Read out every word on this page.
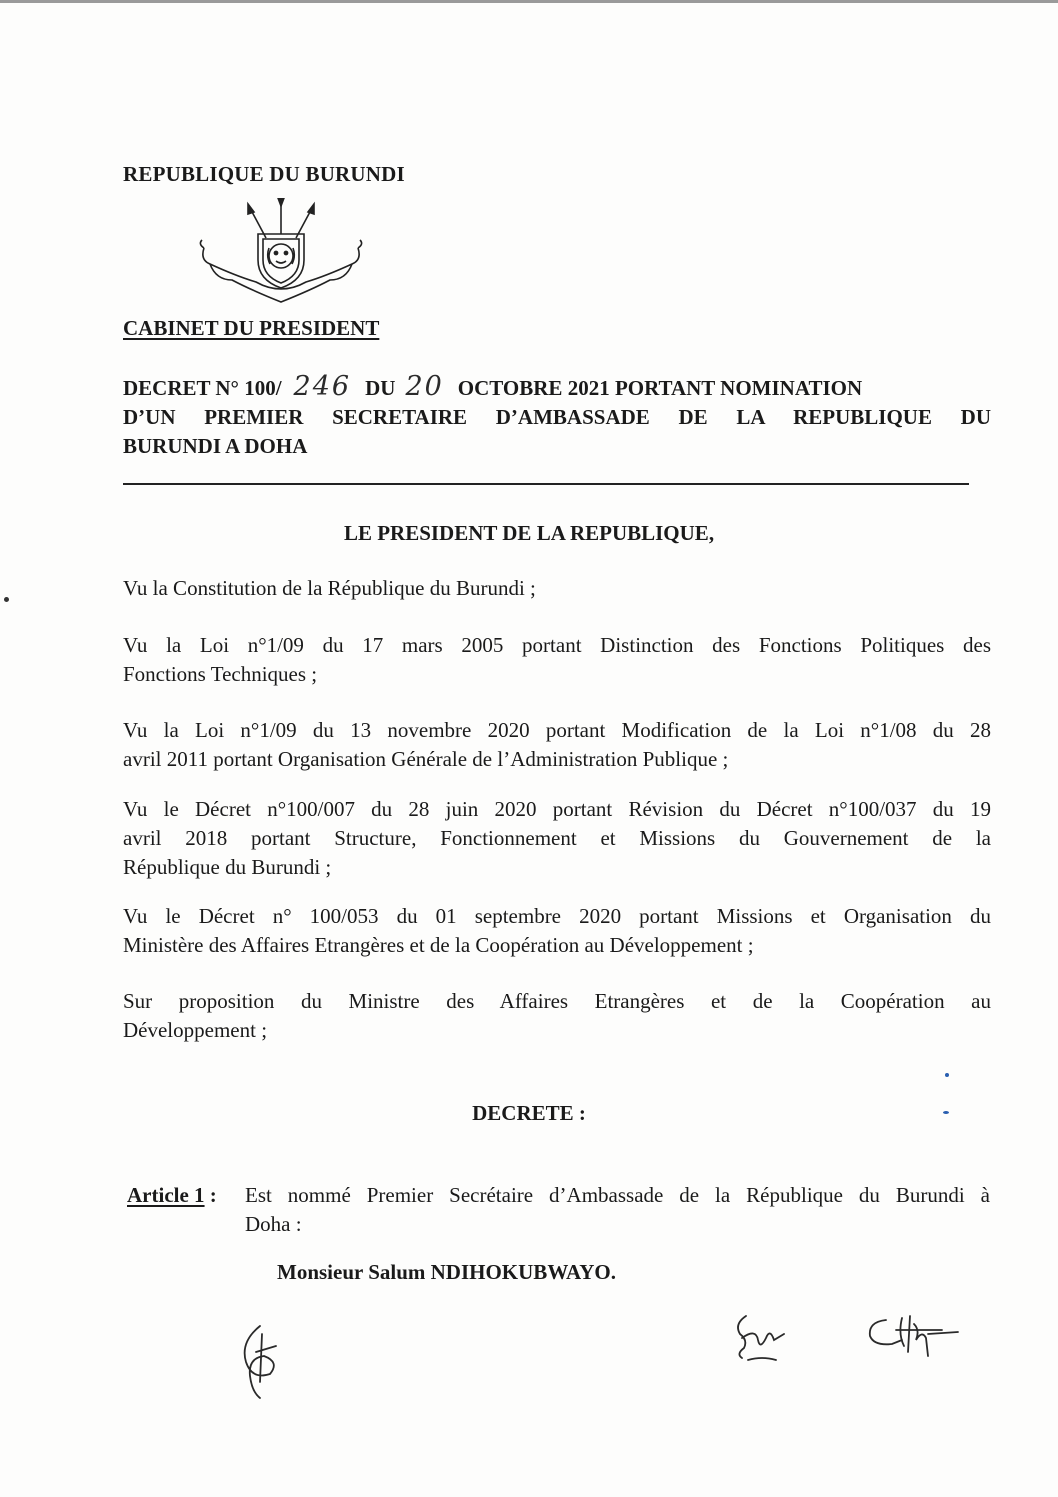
REPUBLIQUE DU BURUNDI
CABINET DU PRESIDENT
DECRET N° 100/ 246 DU 20 OCTOBRE 2021 PORTANT NOMINATION
D’UN PREMIER SECRETAIRE D’AMBASSADE DE LA REPUBLIQUE DU
BURUNDI A DOHA
LE PRESIDENT DE LA REPUBLIQUE,
Vu la Constitution de la République du Burundi ;
Vu la Loi n°1/09 du 17 mars 2005 portant Distinction des Fonctions Politiques des
Fonctions Techniques ;
Vu la Loi n°1/09 du 13 novembre 2020 portant Modification de la Loi n°1/08 du 28
avril 2011 portant Organisation Générale de l’Administration Publique ;
Vu le Décret n°100/007 du 28 juin 2020 portant Révision du Décret n°100/037 du 19
avril 2018 portant Structure, Fonctionnement et Missions du Gouvernement de la
République du Burundi ;
Vu le Décret n° 100/053 du 01 septembre 2020 portant Missions et Organisation du
Ministère des Affaires Etrangères et de la Coopération au Développement ;
Sur proposition du Ministre des Affaires Etrangères et de la Coopération au
Développement ;
DECRETE :
Article 1 : Est nommé Premier Secrétaire d’Ambassade de la République du Burundi à
Doha :
Monsieur Salum NDIHOKUBWAYO.
